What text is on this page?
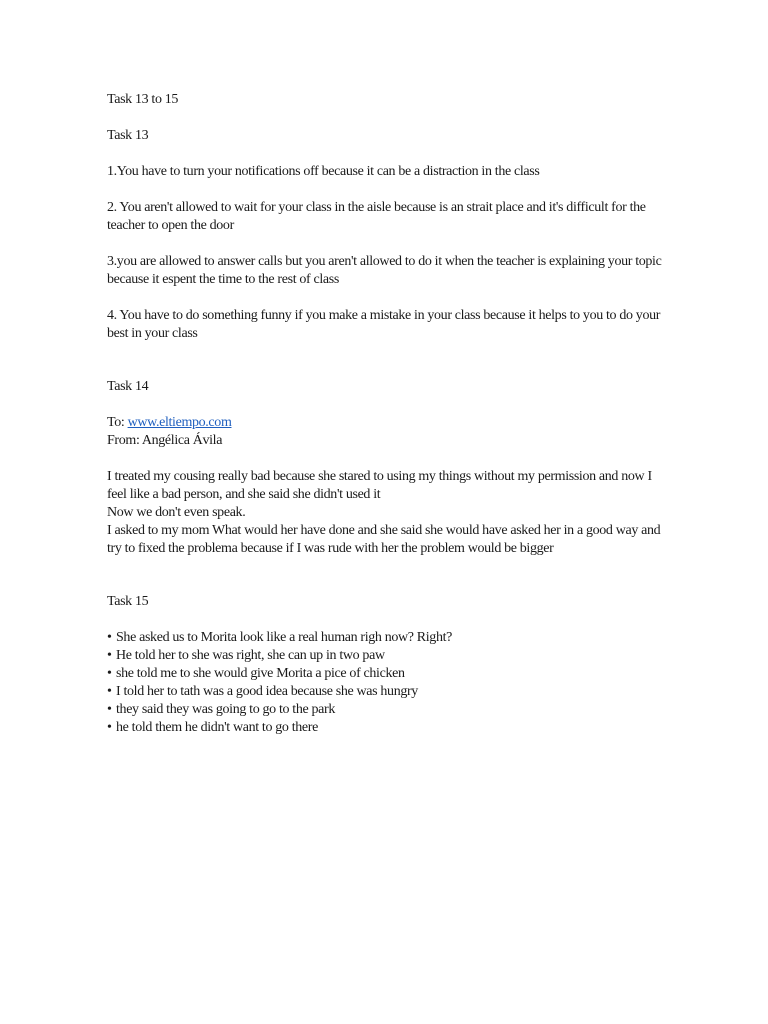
Task 13 to 15
Task 13
1.You have to turn your notifications off because it can be a distraction in the class
2. You aren't allowed to wait for your class in the aisle because is an strait place and it's difficult for the teacher to open the door
3.you are allowed to answer calls but you aren't allowed to do it when the teacher is explaining your topic because it espent the time to the rest of class
4. You have to do something funny if you make a mistake in your class because it helps to you to do your best in your class
Task 14
To: www.eltiempo.com
From: Angélica Ávila
I treated my cousing really bad because she stared to using my things without my permission and now I feel like a bad person, and she said she didn't used it
Now we don't even speak.
I asked to my mom What would her have done and she said she would have asked her in a good way and try to fixed the problema because if I was rude with her the problem would be bigger
Task 15
• She asked us to Morita look like a real human righ now? Right?
• He told her to she was right, she can up in two paw
• she told me to she would give Morita a pice of chicken
• I told her to tath was a good idea because she was hungry
• they said they was going to go to the park
• he told them he didn't want to go there
